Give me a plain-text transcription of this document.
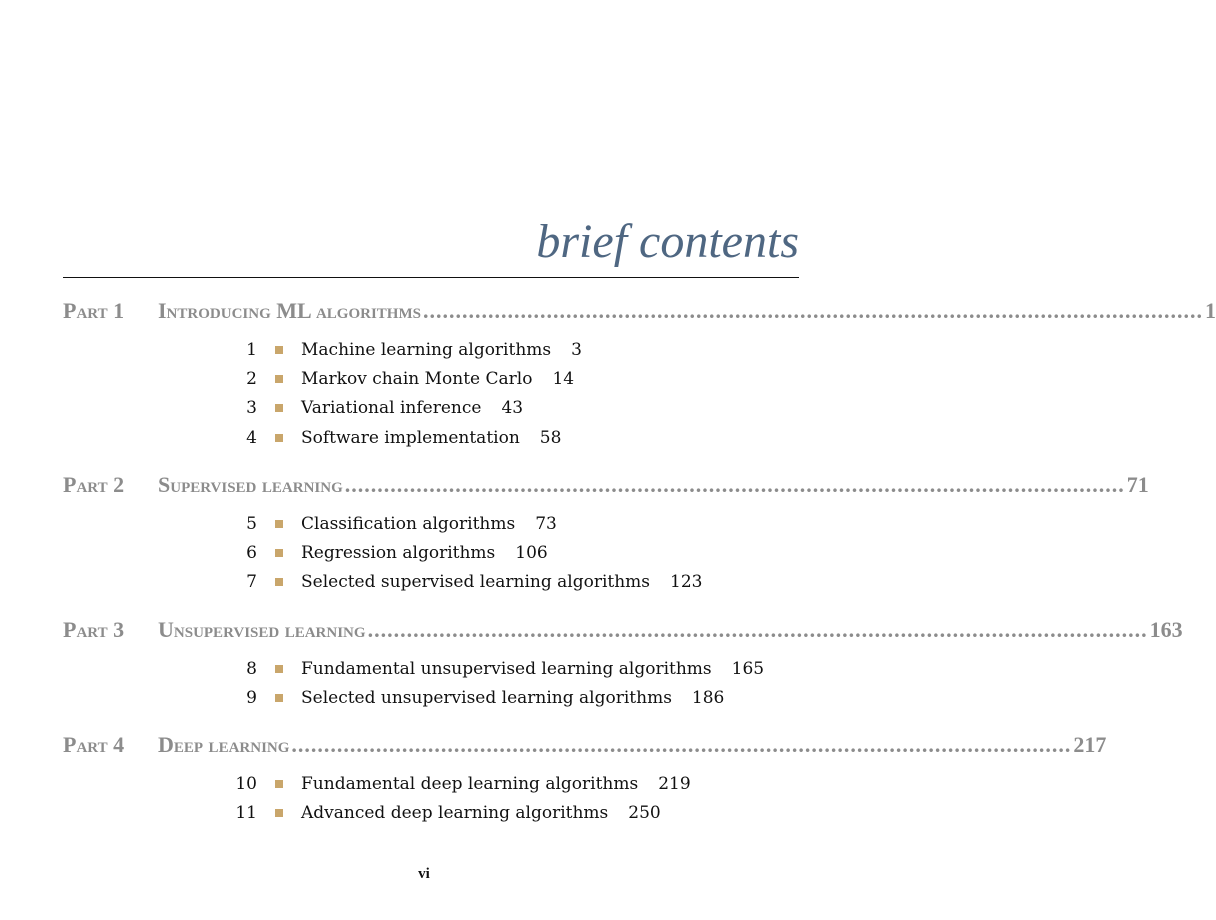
brief contents
Part 1	Introducing ML algorithms ........................................................................................................................ 1
1	Machine learning algorithms 3
2	Markov chain Monte Carlo 14
3	Variational inference 43
4	Software implementation 58
Part 2	Supervised learning ........................................................................................................................ 71
5	Classification algorithms 73
6	Regression algorithms 106
7	Selected supervised learning algorithms 123
Part 3	Unsupervised learning ........................................................................................................................ 163
8	Fundamental unsupervised learning algorithms 165
9	Selected unsupervised learning algorithms 186
Part 4	Deep learning ........................................................................................................................ 217
10	Fundamental deep learning algorithms 219
11	Advanced deep learning algorithms 250
vi
